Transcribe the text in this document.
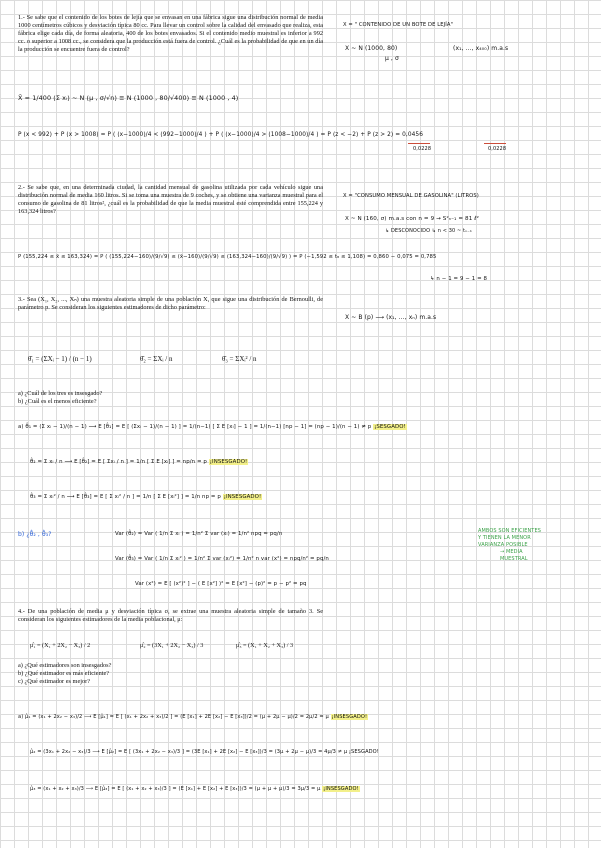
1.- Se sabe que el contenido de los botes de lejía que se envasan en una fábrica sigue una distribución normal de media 1000 centímetros cúbicos y desviación típica 80 cc. Para llevar un control sobre la calidad del envasado que realiza, esta fábrica elige cada día, de forma aleatoria, 400 de los botes envasados. Si el contenido medio muestral es inferior a 992 cc. o superior a 1008 cc., se considera que la producción está fuera de control. ¿Cuál es la probabilidad de que en un día la producción se encuentre fuera de control?
X = " CONTENIDO DE UN BOTE DE LEJÍA"
X ~ N (1000, 80)
μ , σ
(x₁, ..., x₄₀₀) m.a.s
X̄ = 1/400 (Σ xᵢ) ~ N (μ , σ/√n) ≡ N (1000 , 80/√400) ≡ N (1000 , 4)
P (x < 992) + P (x > 1008) = P ( (x−1000)/4 < (992−1000)/4 ) + P ( (x−1000)/4 > (1008−1000)/4 ) = P (z < −2) + P (z > 2) = 0,0456
0,0228	0,0228
2.- Se sabe que, en una determinada ciudad, la cantidad mensual de gasolina utilizada por cada vehículo sigue una distribución normal de media 160 litros. Si se toma una muestra de 9 coches, y se obtiene una varianza muestral para el consumo de gasolina de 81 litros², ¿cuál es la probabilidad de que la media muestral esté comprendida entre 155,224 y 163,324 litros?
X = "CONSUMO MENSUAL DE GASOLINA" (LITROS)
X ~ N (160, σ) m.a.s con n = 9 → S²ₙ₋₁ = 81 ℓ²
↳ DESCONOCIDO ↳ n < 30 ~ tₙ₋₁
P (155,224 ≤ x̄ ≤ 163,324) = P ( (155,224−160)/(9/√9) ≤ (x̄−160)/(9/√9) ≤ (163,324−160)/(9/√9) ) = P (−1,592 ≤ t₈ ≤ 1,108) = 0,860 − 0,075 = 0,785
↳ n − 1 = 9 − 1 = 8
3.- Sea (X₁, X₂, ..., Xₙ) una muestra aleatoria simple de una población X, que sigue una distribución de Bernoulli, de parámetro p. Se consideran los siguientes estimadores de dicho parámetro:
X ~ B (p) ⟶ (x₁, ..., xₙ) m.a.s
θ̂₁ = (ΣXᵢ − 1) / (n − 1)	θ̂₂ = ΣXᵢ / n	θ̂₃ = ΣXᵢ² / n
a) ¿Cuál de los tres es insesgado?
b) ¿Cuál es el menos eficiente?
a) θ̂₁ = (Σ xᵢ − 1)/(n − 1) ⟶ E [θ̂₁] = E [ (Σxᵢ − 1)/(n − 1) ] = 1/(n−1) [ Σ E [xᵢ] − 1 ] = 1/(n−1) [np − 1] = (np − 1)/(n − 1) ≠ p ¡SESGADO!
θ̂₂ = Σ xᵢ / n ⟶ E [θ̂₂] = E [ Σxᵢ / n ] = 1/n [ Σ E [xᵢ] ] = np/n = p ¡INSESGADO!
θ̂₃ = Σ xᵢ² / n ⟶ E [θ̂₃] = E [ Σ xᵢ² / n ] = 1/n [ Σ E [xᵢ²] ] = 1/n np = p ¡INSESGADO!
b) ¿θ̂₂ , θ̂₃?	Var (θ̂₂) = Var ( 1/n Σ xᵢ ) = 1/n² Σ var (xᵢ) = 1/n² npq = pq/n
Var (θ̂₃) = Var ( 1/n Σ xᵢ² ) = 1/n² Σ var (xᵢ²) = 1/n² n var (x²) = npq/n² = pq/n
Var (x²) = E [ (x²)² ] − ( E [x²] )² = E [x²] − (p)² = p − p² = pq
AMBOS SON EFICIENTES
Y TIENEN LA MENOR
VARIANZA POSIBLE
→ MEDIA
MUESTRAL
4.- De una población de media μ y desviación típica σ, se extrae una muestra aleatoria simple de tamaño 3. Se consideran los siguientes estimadores de la media poblacional, μ:
μ̂₁ = (X₁ + 2X₂ − X₃) / 2	μ̂₂ = (3X₁ + 2X₂ − X₃) / 3	μ̂₃ = (X₁ + X₂ + X₃) / 3
a) ¿Qué estimadores son insesgados?
b) ¿Qué estimador es más eficiente?
c) ¿Qué estimador es mejor?
a) μ̂₁ = (x₁ + 2x₂ − x₃)/2 ⟶ E [μ̂₁] = E [ (x₁ + 2x₂ + x₃)/2 ] = (E [x₁] + 2E [x₂] − E [x₃])/2 = (μ + 2μ − μ)/2 = 2μ/2 = μ ¡INSESGADO!
μ̂₂ = (3x₁ + 2x₂ − x₃)/3 ⟶ E [μ̂₂] = E [ (3x₁ + 2x₂ − x₃)/3 ] = (3E [x₁] + 2E [x₂] − E [x₃])/3 = (3μ + 2μ − μ)/3 = 4μ/3 ≠ μ ¡SESGADO!
μ̂₃ = (x₁ + x₂ + x₃)/3 ⟶ E [μ̂₃] = E [ (x₁ + x₂ + x₃)/3 ] = (E [x₁] + E [x₂] + E [x₃])/3 = (μ + μ + μ)/3 = 3μ/3 = μ ¡INSESGADO!
